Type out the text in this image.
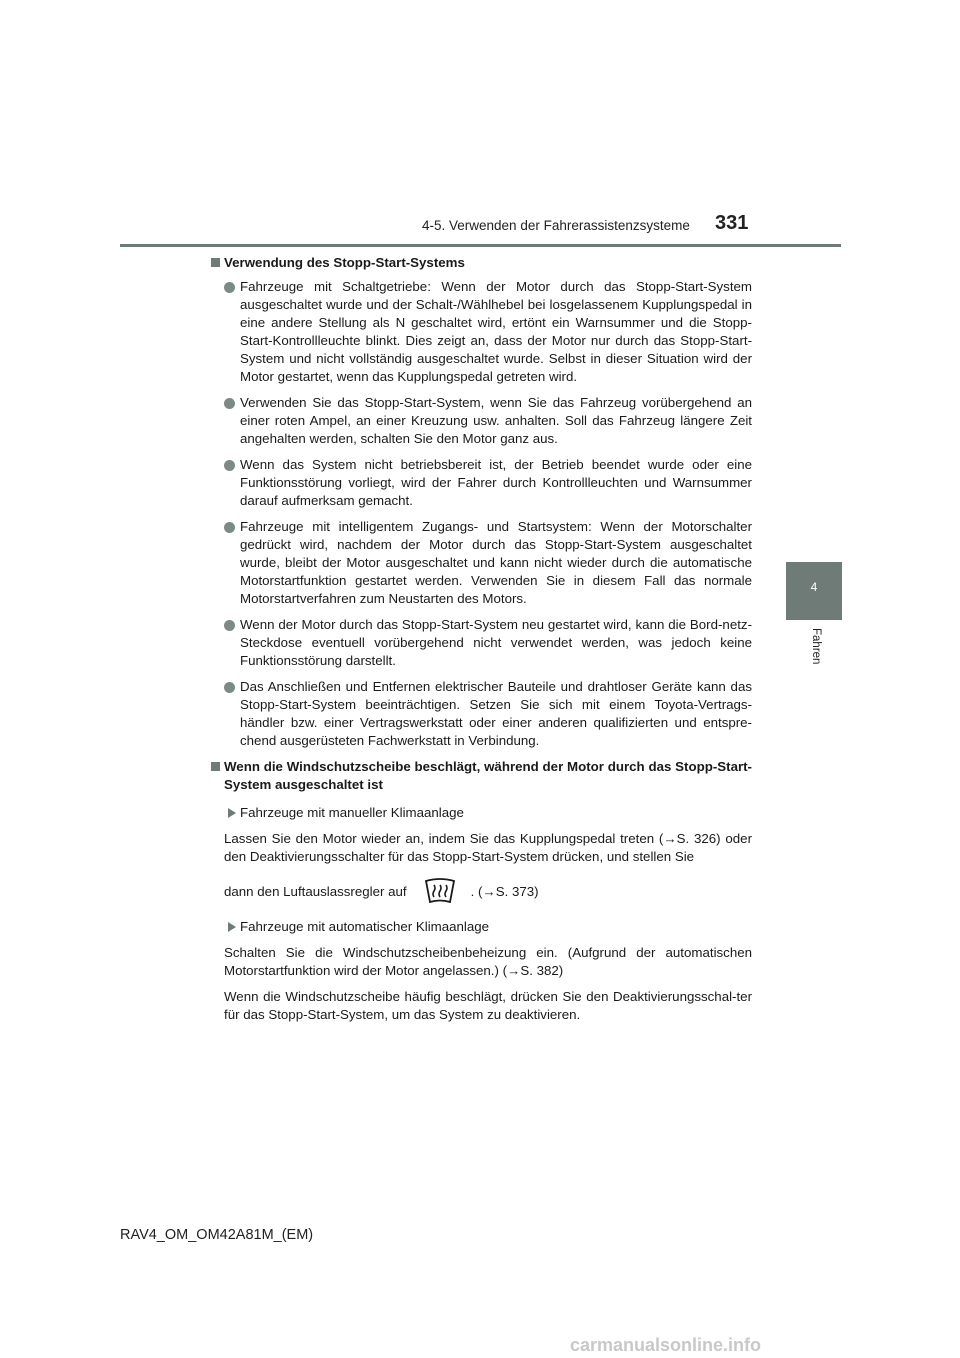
4-5. Verwenden der Fahrerassistenzsysteme 331
4
Fahren
Verwendung des Stopp-Start-Systems
Fahrzeuge mit Schaltgetriebe: Wenn der Motor durch das Stopp-Start-System ausgeschaltet wurde und der Schalt-/Wählhebel bei losgelassenem Kupplungspedal in eine andere Stellung als N geschaltet wird, ertönt ein Warnsummer und die Stopp-Start-Kontrollleuchte blinkt. Dies zeigt an, dass der Motor nur durch das Stopp-Start-System und nicht vollständig ausgeschaltet wurde. Selbst in dieser Situation wird der Motor gestartet, wenn das Kupplungspedal getreten wird.
Verwenden Sie das Stopp-Start-System, wenn Sie das Fahrzeug vorübergehend an einer roten Ampel, an einer Kreuzung usw. anhalten. Soll das Fahrzeug längere Zeit angehalten werden, schalten Sie den Motor ganz aus.
Wenn das System nicht betriebsbereit ist, der Betrieb beendet wurde oder eine Funktionsstörung vorliegt, wird der Fahrer durch Kontrollleuchten und Warnsummer darauf aufmerksam gemacht.
Fahrzeuge mit intelligentem Zugangs- und Startsystem: Wenn der Motorschalter gedrückt wird, nachdem der Motor durch das Stopp-Start-System ausgeschaltet wurde, bleibt der Motor ausgeschaltet und kann nicht wieder durch die automatische Motorstartfunktion gestartet werden. Verwenden Sie in diesem Fall das normale Motorstartverfahren zum Neustarten des Motors.
Wenn der Motor durch das Stopp-Start-System neu gestartet wird, kann die Bord-netz-Steckdose eventuell vorübergehend nicht verwendet werden, was jedoch keine Funktionsstörung darstellt.
Das Anschließen und Entfernen elektrischer Bauteile und drahtloser Geräte kann das Stopp-Start-System beeinträchtigen. Setzen Sie sich mit einem Toyota-Vertrags-händler bzw. einer Vertragswerkstatt oder einer anderen qualifizierten und entspre-chend ausgerüsteten Fachwerkstatt in Verbindung.
Wenn die Windschutzscheibe beschlägt, während der Motor durch das Stopp-Start-System ausgeschaltet ist
Fahrzeuge mit manueller Klimaanlage
Lassen Sie den Motor wieder an, indem Sie das Kupplungspedal treten (→S. 326) oder den Deaktivierungsschalter für das Stopp-Start-System drücken, und stellen Sie
dann den Luftauslassregler auf	. (→S. 373)
Fahrzeuge mit automatischer Klimaanlage
Schalten Sie die Windschutzscheibenbeheizung ein. (Aufgrund der automatischen Motorstartfunktion wird der Motor angelassen.) (→S. 382)
Wenn die Windschutzscheibe häufig beschlägt, drücken Sie den Deaktivierungsschal-ter für das Stopp-Start-System, um das System zu deaktivieren.
RAV4_OM_OM42A81M_(EM)
carmanualsonline.info
